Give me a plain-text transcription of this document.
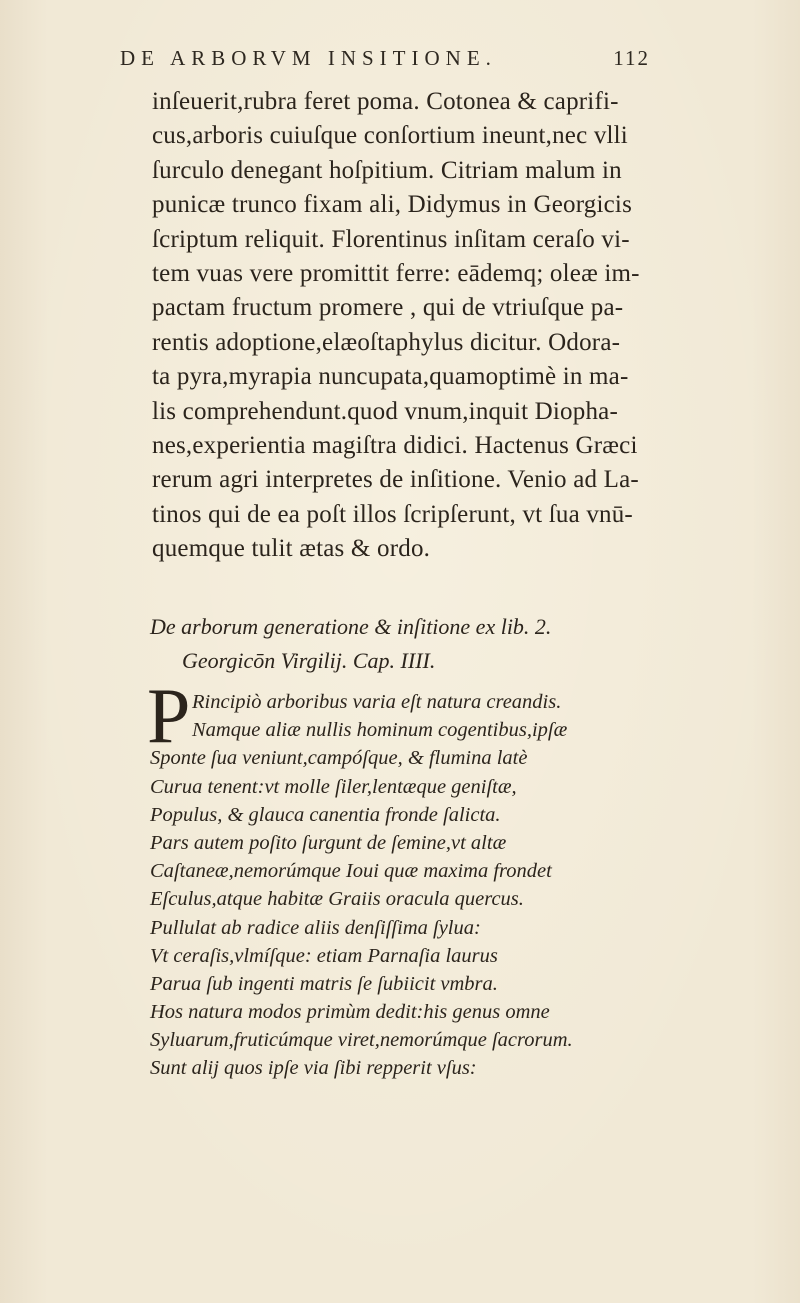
DE ARBORVM INSITIONE.	112
inſeuerit,rubra feret poma. Cotonea & caprifi-
cus,arboris cuiuſque conſortium ineunt,nec vlli
ſurculo denegant hoſpitium. Citriam malum in
punicæ trunco fixam ali, Didymus in Georgicis
ſcriptum reliquit. Florentinus inſitam ceraſo vi-
tem vuas vere promittit ferre: eādemq; oleæ im-
pactam fructum promere , qui de vtriuſque pa-
rentis adoptione,elæoſtaphylus dicitur. Odora-
ta pyra,myrapia nuncupata,quamoptimè in ma-
lis comprehendunt.quod vnum,inquit Diopha-
nes,experientia magiſtra didici. Hactenus Græci
rerum agri interpretes de inſitione. Venio ad La-
tinos qui de ea poſt illos ſcripſerunt, vt ſua vnū-
quemque tulit ætas & ordo.
De arborum generatione & inſitione ex lib. 2.
Georgicōn Virgilij. Cap. IIII.
P Rincipiò arboribus varia eſt natura creandis.
Namque aliæ nullis hominum cogentibus,ipſæ
Sponte ſua veniunt,campóſque, & flumina latè
Curua tenent:vt molle ſiler,lentæque geniſtæ,
Populus, & glauca canentia fronde ſalicta.
Pars autem poſito ſurgunt de ſemine,vt altæ
Caſtaneæ,nemorúmque Ioui quæ maxima frondet
Eſculus,atque habitæ Graiis oracula quercus.
Pullulat ab radice aliis denſiſſima ſylua:
Vt ceraſis,vlmíſque: etiam Parnaſia laurus
Parua ſub ingenti matris ſe ſubiicit vmbra.
Hos natura modos primùm dedit:his genus omne
Syluarum,fruticúmque viret,nemorúmque ſacrorum.
Sunt alij quos ipſe via ſibi repperit vſus:
